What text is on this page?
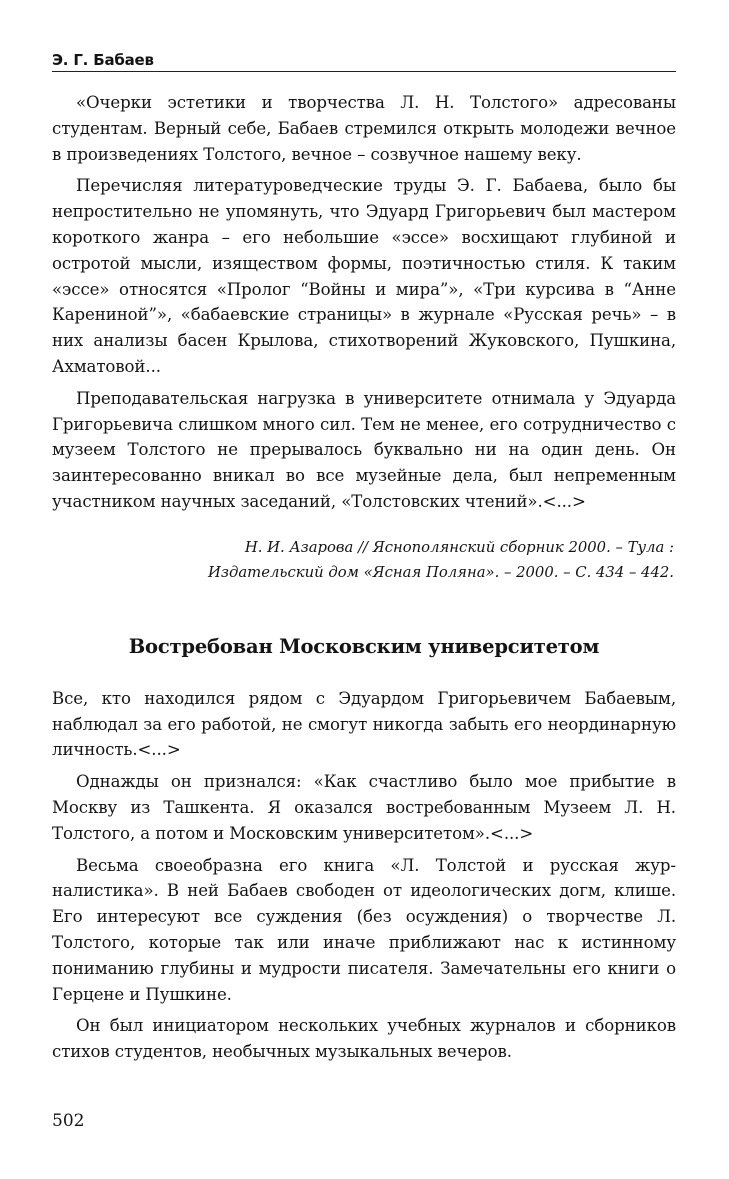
Э. Г. Бабаев

«Очерки эстетики и творчества Л. Н. Толстого» адресованы студентам. Верный себе, Бабаев стремился открыть молодежи вечное в произведениях Толстого, вечное – созвучное нашему веку.

Перечисляя литературоведческие труды Э. Г. Бабаева, было бы непростительно не упомянуть, что Эдуард Григорьевич был мастером короткого жанра – его небольшие «эссе» восхищают глубиной и остротой мысли, изяществом формы, поэтичностью стиля. К таким «эссе» относятся «Пролог “Войны и мира”», «Три курсива в “Анне Карениной”», «бабаевские страницы» в журнале «Русская речь» – в них анализы басен Крылова, стихотворений Жуковского, Пушкина, Ахматовой...

Преподавательская нагрузка в университете отнимала у Эдуарда Григорьевича слишком много сил. Тем не менее, его сотрудничество с музеем Толстого не прерывалось буквально ни на один день. Он заинтересованно вникал во все музейные дела, был непременным участником научных заседаний, «Толстовских чтений».<...>

Н. И. Азарова // Яснополянский сборник 2000. – Тула :
Издательский дом «Ясная Поляна». – 2000. – С. 434 – 442.
Востребован Московским университетом

Все, кто находился рядом с Эдуардом Григорьевичем Бабаевым, наблюдал за его работой, не смогут никогда забыть его неординарную личность.<...>

Однажды он признался: «Как счастливо было мое прибытие в Москву из Ташкента. Я оказался востребованным Музеем Л. Н. Толстого, а потом и Московским университетом».<...>

Весьма своеобразна его книга «Л. Толстой и русская журналистика». В ней Бабаев свободен от идеологических догм, клише. Его интересуют все суждения (без осуждения) о творчестве Л. Толстого, которые так или иначе приближают нас к истинному пониманию глубины и мудрости писателя. Замечательны его книги о Герцене и Пушкине.

Он был инициатором нескольких учебных журналов и сборников стихов студентов, необычных музыкальных вечеров.

502
